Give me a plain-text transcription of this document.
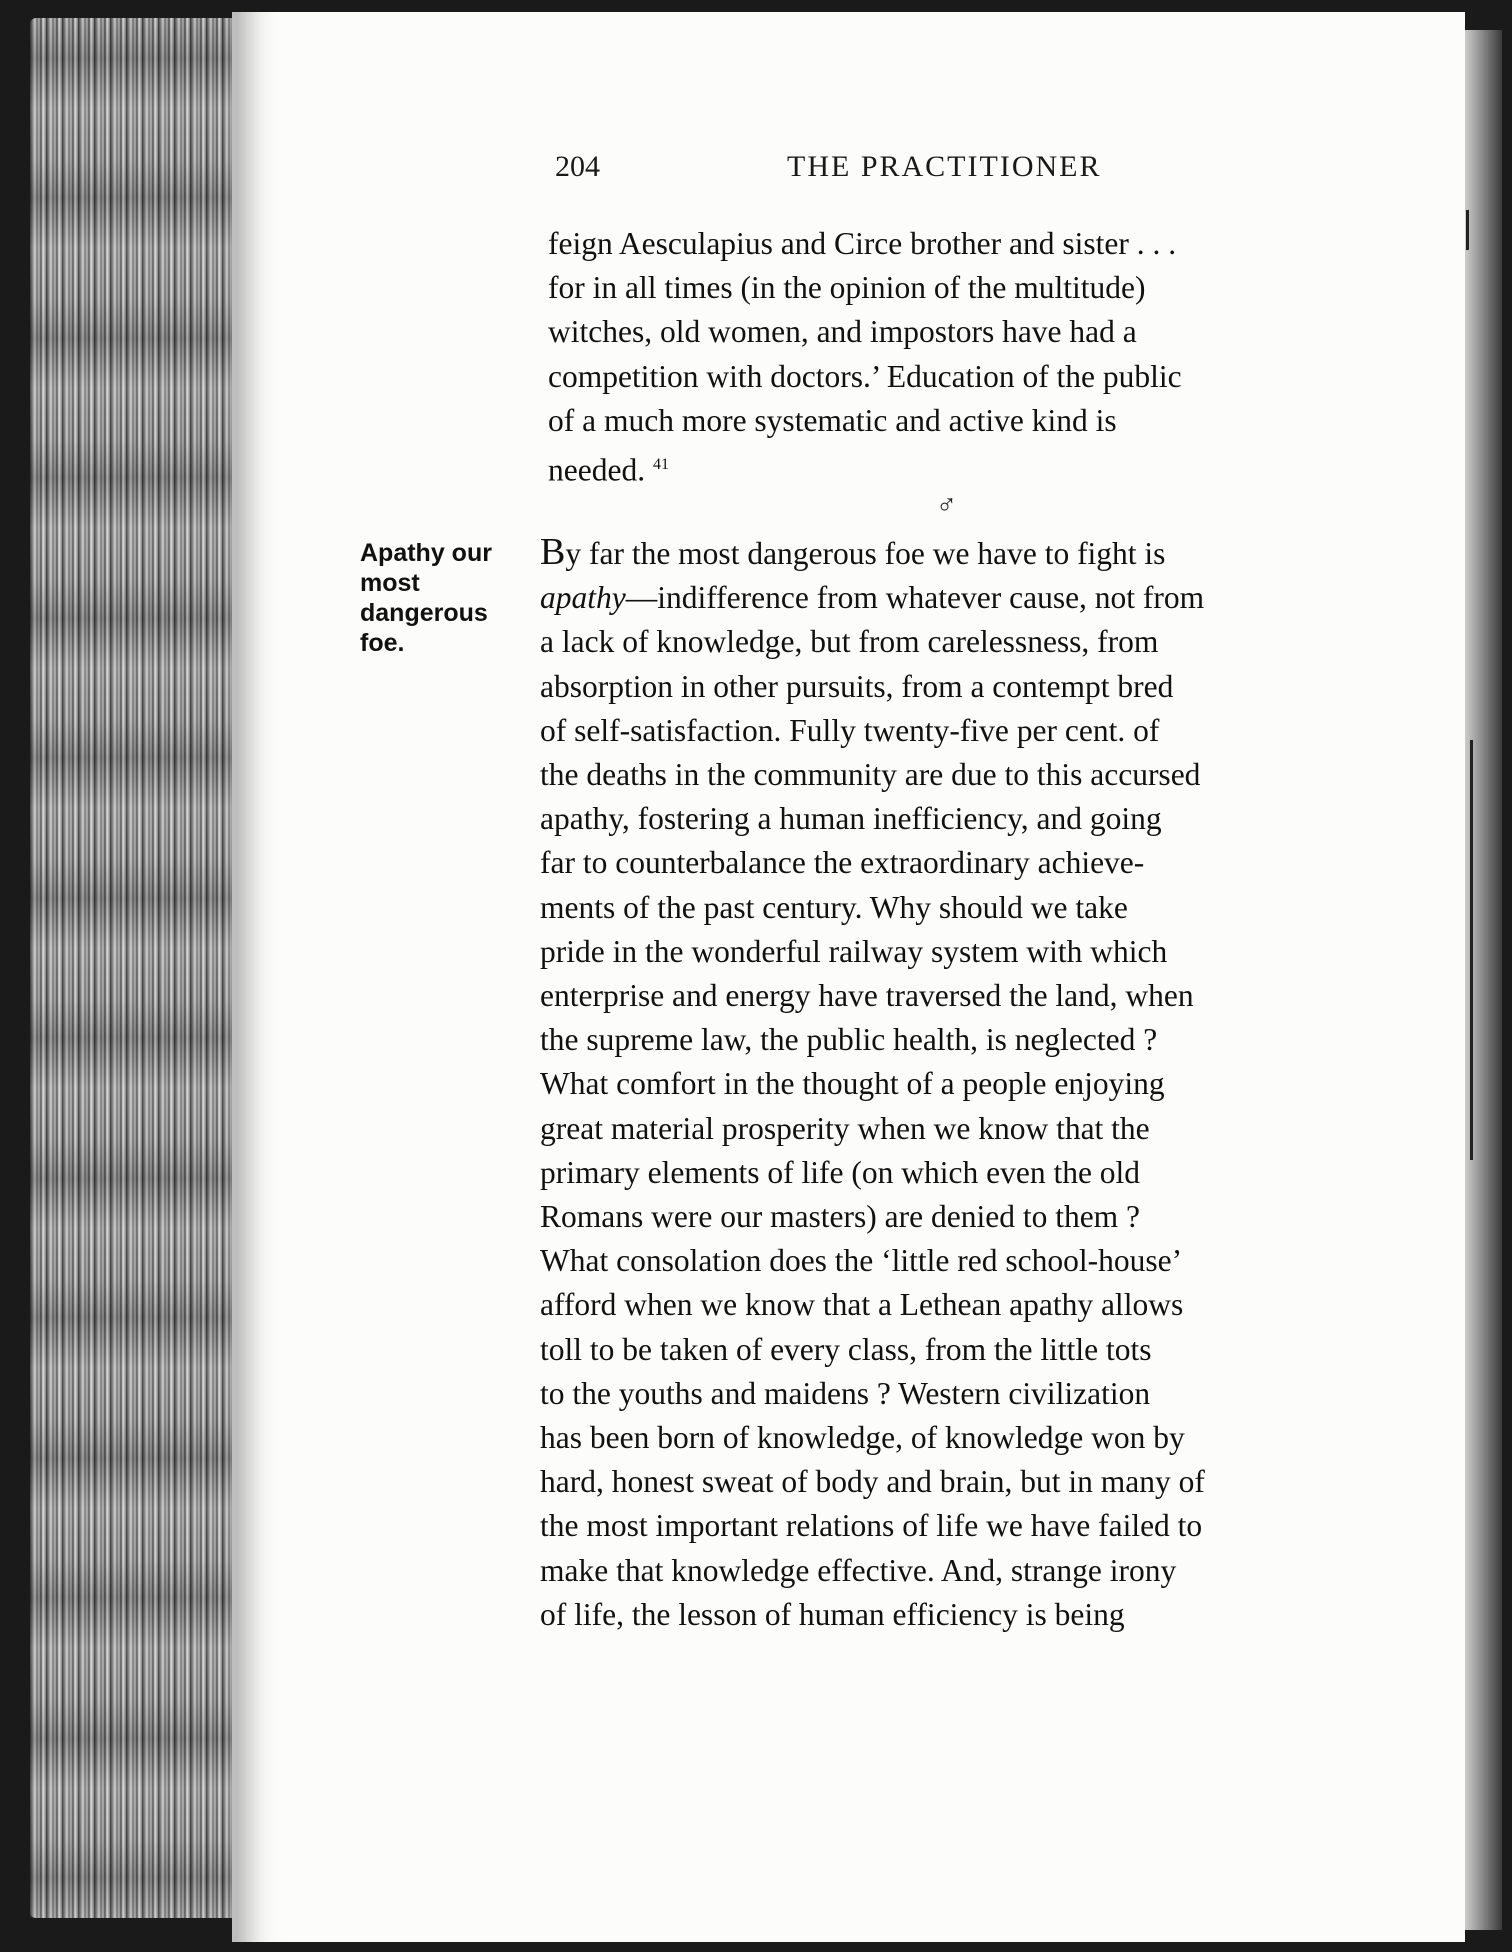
204	THE PRACTITIONER

feign Aesculapius and Circe brother and sister . . .

for in all times (in the opinion of the multitude)

witches, old women, and impostors have had a

competition with doctors.’ Education of the public

of a much more systematic and active kind is

needed. $^{41}$

♂
Apathy our
most
dangerous
foe.

By far the most dangerous foe we have to fight is

apathy—indifference from whatever cause, not from

a lack of knowledge, but from carelessness, from

absorption in other pursuits, from a contempt bred

of self-satisfaction. Fully twenty-five per cent. of

the deaths in the community are due to this accursed

apathy, fostering a human inefficiency, and going

far to counterbalance the extraordinary achieve-

ments of the past century. Why should we take

pride in the wonderful railway system with which

enterprise and energy have traversed the land, when

the supreme law, the public health, is neglected ?

What comfort in the thought of a people enjoying

great material prosperity when we know that the

primary elements of life (on which even the old

Romans were our masters) are denied to them ?

What consolation does the ‘little red school-house’

afford when we know that a Lethean apathy allows

toll to be taken of every class, from the little tots

to the youths and maidens ? Western civilization

has been born of knowledge, of knowledge won by

hard, honest sweat of body and brain, but in many of

the most important relations of life we have failed to

make that knowledge effective. And, strange irony

of life, the lesson of human efficiency is being
